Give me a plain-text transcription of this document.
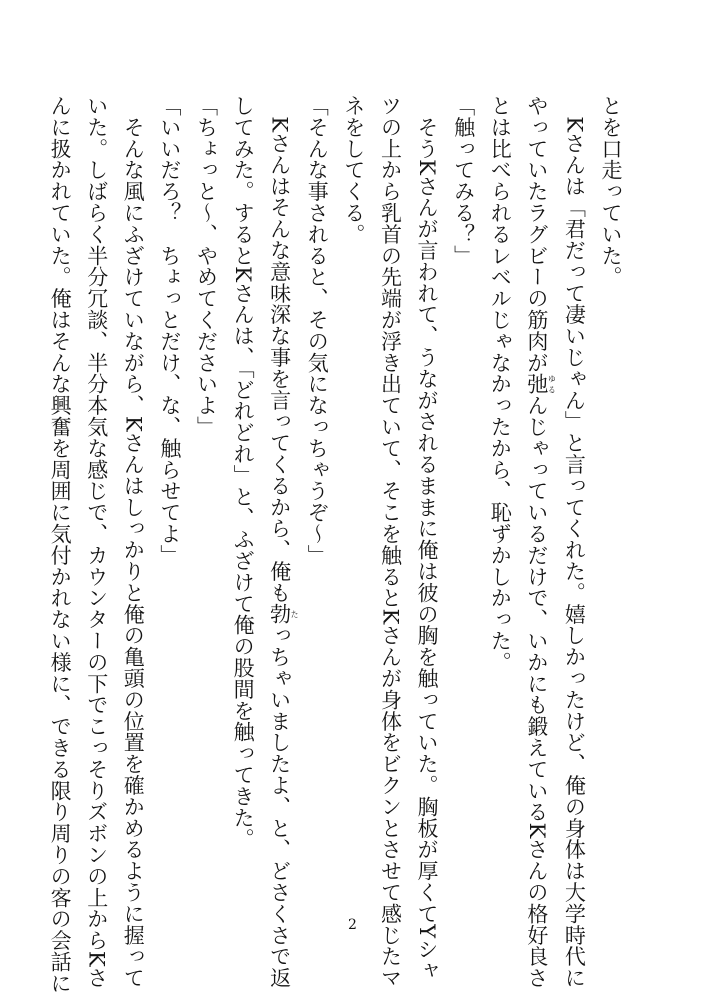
とを口走っていた。
　Kさんは「君だって凄いじゃん」と言ってくれた。嬉しかったけど、俺の身体は大学時代に
やっていたラグビーの筋肉が弛ゆるんじゃっているだけで、いかにも鍛えているKさんの格好良さ
とは比べられるレベルじゃなかったから、恥ずかしかった。
「触ってみる？」
　そうKさんが言われて、うながされるままに俺は彼の胸を触っていた。胸板が厚くてYシャ
ツの上から乳首の先端が浮き出ていて、そこを触るとKさんが身体をビクンとさせて感じたマ
ネをしてくる。
「そんな事されると、その気になっちゃうぞ～」
　Kさんはそんな意味深な事を言ってくるから、俺も勃たっちゃいましたよ、と、どさくさで返
してみた。するとKさんは、「どれどれ」と、ふざけて俺の股間を触ってきた。
「ちょっと～、やめてくださいよ」
「いいだろ？　ちょっとだけ、な、触らせてよ」
　そんな風にふざけていながら、Kさんはしっかりと俺の亀頭の位置を確かめるように握って
いた。しばらく半分冗談、半分本気な感じで、カウンターの下でこっそりズボンの上からKさ
んに扱かれていた。俺はそんな興奮を周囲に気付かれない様に、できる限り周りの客の会話に	2
